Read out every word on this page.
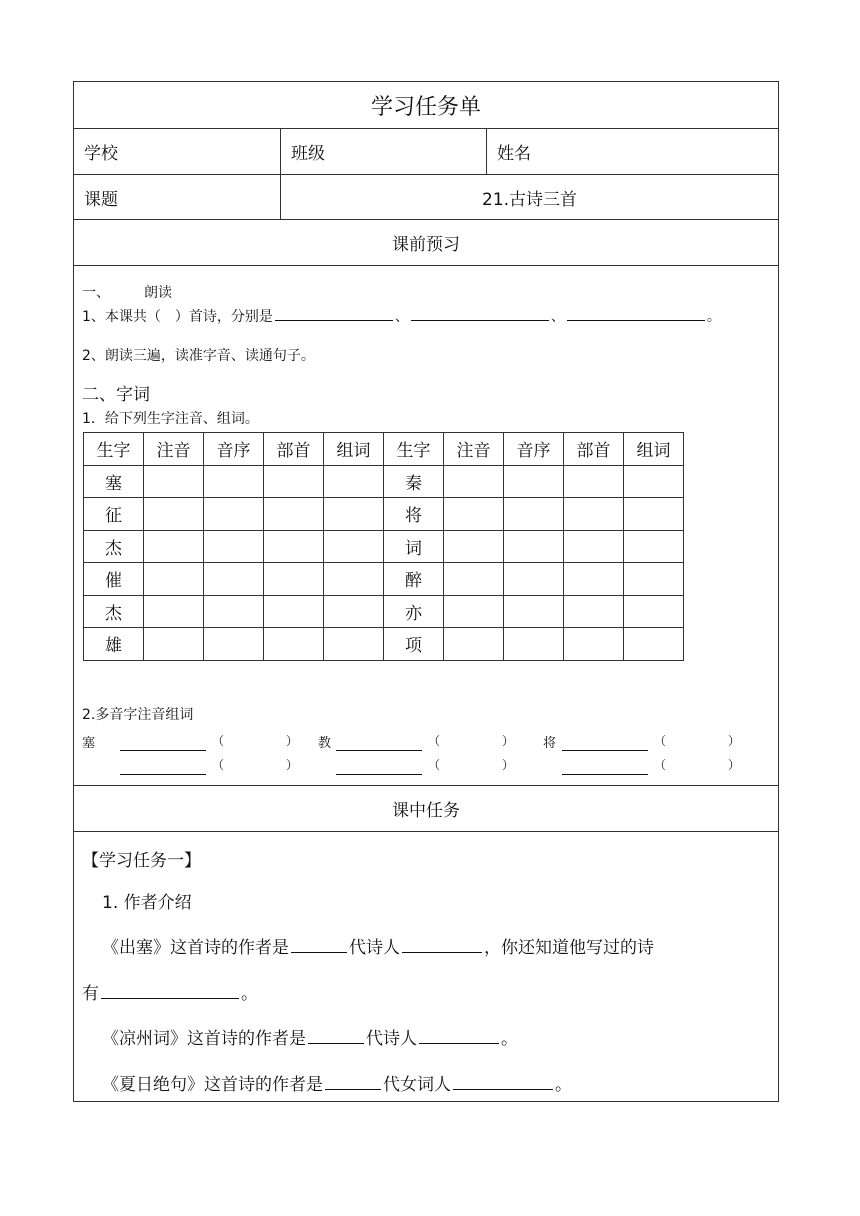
学习任务单
学校	班级	姓名
课题	21.古诗三首
课前预习
一、 朗读
1、本课共（　）首诗，分别是	、	、	。
2、朗读三遍，读准字音、读通句子。
二、字词
1．给下列生字注音、组词。
生字	注音	音序	部首	组词	生字	注音	音序	部首	组词
塞					秦				
征					将				
杰					词				
催					醉				
杰					亦				
雄					项				
2.多音字注音组词
塞	（	） 教	（	） 将	（	）
（	）	（	）	（	）
课中任务
【学习任务一】
1. 作者介绍
《出塞》这首诗的作者是	代诗人	，你还知道他写过的诗
有	。
《凉州词》这首诗的作者是	代诗人	。
《夏日绝句》这首诗的作者是	代女词人	。
